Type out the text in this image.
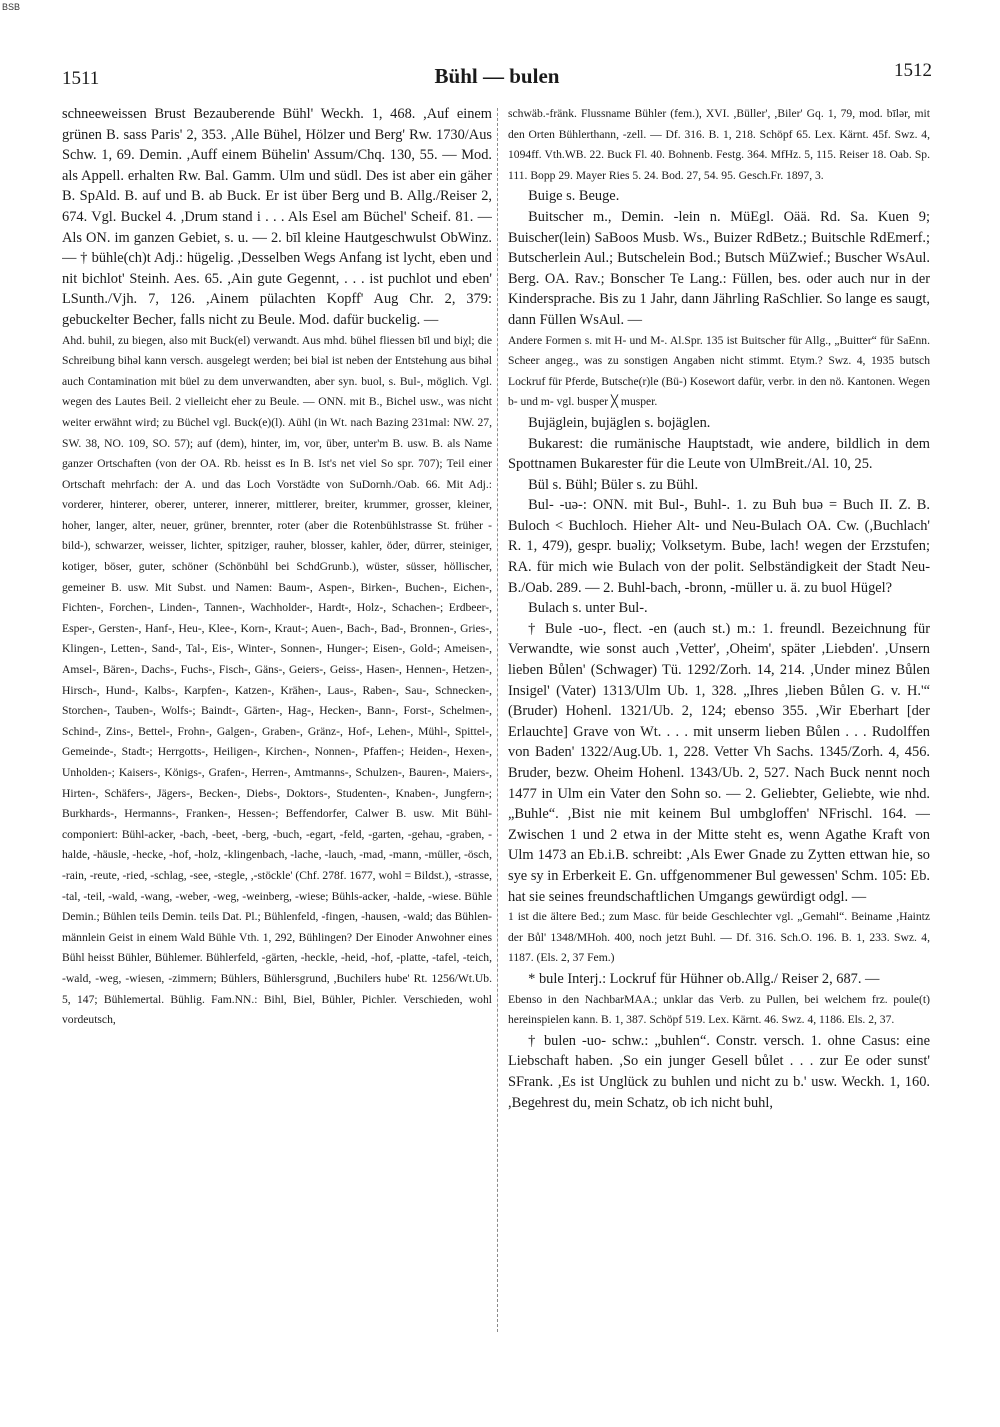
BSB
1511	Bühl — bulen	1512

schneeweissen Brust Bezauberende Bühl' Weckh. 1, 468. ,Auf einem grünen B. sass Paris' 2, 353. ,Alle Bühel, Hölzer und Berg' Rw. 1730/Aus Schw. 1, 69. Demin. ,Auff einem Bühelin' Assum/Chq. 130, 55. — Mod. als Appell. erhalten Rw. Bal. Gamm. Ulm und südl. Des ist aber ein gäher B. SpAld. B. auf und B. ab Buck. Er ist über Berg und B. Allg./Reiser 2, 674. Vgl. Buckel 4. ,Drum stand i . . . Als Esel am Büchel' Scheif. 81. — Als ON. im ganzen Gebiet, s. u. — 2. bīl kleine Hautgeschwulst ObWinz. — † bühle(ch)t Adj.: hügelig. ,Desselben Wegs Anfang ist lycht, eben und nit bichlot' Steinh. Aes. 65. ,Ain gute Gegennt, . . . ist puchlot und eben' LSunth./Vjh. 7, 126. ,Ainem pülachten Kopff' Aug Chr. 2, 379: gebuckelter Becher, falls nicht zu Beule. Mod. dafür buckelig. —

Ahd. buhil, zu biegen, also mit Buck(el) verwandt. Aus mhd. bühel fliessen bīl und biχl; die Schreibung bihəl kann versch. ausgelegt werden; bei biəl ist neben der Entstehung aus bihəl auch Contamination mit büel zu dem unverwandten, aber syn. buol, s. Bul-, möglich. Vgl. wegen des Lautes Beil. 2 vielleicht eher zu Beule. — ONN. mit B., Bichel usw., was nicht weiter erwähnt wird; zu Büchel vgl. Buck(e)(l). Aühl (in Wt. nach Bazing 231mal: NW. 27, SW. 38, NO. 109, SO. 57); auf (dem), hinter, im, vor, über, unter'm B. usw. B. als Name ganzer Ortschaften (von der OA. Rb. heisst es In B. Ist's net viel So spr. 707); Teil einer Ortschaft mehrfach: der A. und das Loch Vorstädte von SuDornh./Oab. 66. Mit Adj.: vorderer, hinterer, oberer, unterer, innerer, mittlerer, breiter, krummer, grosser, kleiner, hoher, langer, alter, neuer, grüner, brennter, roter (aber die Rotenbühlstrasse St. früher -bild-), schwarzer, weisser, lichter, spitziger, rauher, blosser, kahler, öder, dürrer, steiniger, kotiger, böser, guter, schöner (Schönbühl bei SchdGrunb.), wüster, süsser, höllischer, gemeiner B. usw. Mit Subst. und Namen: Baum-, Aspen-, Birken-, Buchen-, Eichen-, Fichten-, Forchen-, Linden-, Tannen-, Wachholder-, Hardt-, Holz-, Schachen-; Erdbeer-, Esper-, Gersten-, Hanf-, Heu-, Klee-, Korn-, Kraut-; Auen-, Bach-, Bad-, Bronnen-, Gries-, Klingen-, Letten-, Sand-, Tal-, Eis-, Winter-, Sonnen-, Hunger-; Eisen-, Gold-; Ameisen-, Amsel-, Bären-, Dachs-, Fuchs-, Fisch-, Gäns-, Geiers-, Geiss-, Hasen-, Hennen-, Hetzen-, Hirsch-, Hund-, Kalbs-, Karpfen-, Katzen-, Krähen-, Laus-, Raben-, Sau-, Schnecken-, Storchen-, Tauben-, Wolfs-; Baindt-, Gärten-, Hag-, Hecken-, Bann-, Forst-, Schelmen-, Schind-, Zins-, Bettel-, Frohn-, Galgen-, Graben-, Gränz-, Hof-, Lehen-, Mühl-, Spittel-, Gemeinde-, Stadt-; Herrgotts-, Heiligen-, Kirchen-, Nonnen-, Pfaffen-; Heiden-, Hexen-, Unholden-; Kaisers-, Königs-, Grafen-, Herren-, Amtmanns-, Schulzen-, Bauren-, Maiers-, Hirten-, Schäfers-, Jägers-, Becken-, Diebs-, Doktors-, Studenten-, Knaben-, Jungfern-; Burkhards-, Hermanns-, Franken-, Hessen-; Beffendorfer, Calwer B. usw. Mit Bühl- componiert: Bühl-acker, -bach, -beet, -berg, -buch, -egart, -feld, -garten, -gehau, -graben, -halde, -häusle, -hecke, -hof, -holz, -klingenbach, -lache, -lauch, -mad, -mann, -müller, -ösch, -rain, -reute, -ried, -schlag, -see, -stegle, ,-stöckle' (Chf. 278f. 1677, wohl = Bildst.), -strasse, -tal, -teil, -wald, -wang, -weber, -weg, -weinberg, -wiese; Bühls-acker, -halde, -wiese. Bühle Demin.; Bühlen teils Demin. teils Dat. Pl.; Bühlenfeld, -fingen, -hausen, -wald; das Bühlen-männlein Geist in einem Wald Bühle Vth. 1, 292, Bühlingen? Der Einoder Anwohner eines Bühl heisst Bühler, Bühlemer. Bühlerfeld, -gärten, -heckle, -heid, -hof, -platte, -tafel, -teich, -wald, -weg, -wiesen, -zimmern; Bühlers, Bühlersgrund, ,Buchilers hube' Rt. 1256/Wt.Ub. 5, 147; Bühlemertal. Bühlig. Fam.NN.: Bihl, Biel, Bühler, Pichler. Verschieden, wohl vordeutsch,

schwäb.-fränk. Flussname Bühler (fem.), XVI. ,Büller', ,Biler' Gq. 1, 79, mod. bīlər, mit den Orten Bühlerthann, -zell. — Df. 316. B. 1, 218. Schöpf 65. Lex. Kärnt. 45f. Swz. 4, 1094ff. Vth.WB. 22. Buck Fl. 40. Bohnenb. Festg. 364. MfHz. 5, 115. Reiser 18. Oab. Sp. 111. Bopp 29. Mayer Ries 5. 24. Bod. 27, 54. 95. Gesch.Fr. 1897, 3.

Buige s. Beuge.

Buitscher m., Demin. -lein n. MüEgl. Oää. Rd. Sa. Kuen 9; Buischer(lein) SaBoos Musb. Ws., Buizer RdBetz.; Buitschle RdEmerf.; Butscherlein Aul.; Butschelein Bod.; Butsch MüZwief.; Buscher WsAul. Berg. OA. Rav.; Bonscher Te Lang.: Füllen, bes. oder auch nur in der Kindersprache. Bis zu 1 Jahr, dann Jährling RaSchlier. So lange es saugt, dann Füllen WsAul. —

Andere Formen s. mit H- und M-. Al.Spr. 135 ist Buitscher für Allg., „Buitter“ für SaEnn. Scheer angeg., was zu sonstigen Angaben nicht stimmt. Etym.? Swz. 4, 1935 butsch Lockruf für Pferde, Butsche(r)le (Bü-) Kosewort dafür, verbr. in den nö. Kantonen. Wegen b- und m- vgl. busper ╳ musper.

Bujäglein, bujäglen s. bojäglen.

Bukarest: die rumänische Hauptstadt, wie andere, bildlich in dem Spottnamen Bukarester für die Leute von UlmBreit./Al. 10, 25.

Bül s. Bühl; Büler s. zu Bühl.

Bul- -uə-: ONN. mit Bul-, Buhl-. 1. zu Buh buə = Buch II. Z. B. Buloch < Buchloch. Hieher Alt- und Neu-Bulach OA. Cw. (,Buchlach' R. 1, 479), gespr. buəliχ; Volksetym. Bube, lach! wegen der Erzstufen; RA. für mich wie Bulach von der polit. Selbständigkeit der Stadt Neu-B./Oab. 289. — 2. Buhl-bach, -bronn, -müller u. ä. zu buol Hügel?

Bulach s. unter Bul-.

† Bule -uo-, flect. -en (auch st.) m.: 1. freundl. Bezeichnung für Verwandte, wie sonst auch ,Vetter', ,Oheim', später ,Liebden'. ,Unsern lieben Bůlen' (Schwager) Tü. 1292/Zorh. 14, 214. ,Under minez Bůlen Insigel' (Vater) 1313/Ulm Ub. 1, 328. „Ihres ,lieben Bůlen G. v. H.'“ (Bruder) Hohenl. 1321/Ub. 2, 124; ebenso 355. ,Wir Eberhart [der Erlauchte] Grave von Wt. . . . mit unserm lieben Bůlen . . . Rudolffen von Baden' 1322/Aug.Ub. 1, 228. Vetter Vh Sachs. 1345/Zorh. 4, 456. Bruder, bezw. Oheim Hohenl. 1343/Ub. 2, 527. Nach Buck nennt noch 1477 in Ulm ein Vater den Sohn so. — 2. Geliebter, Geliebte, wie nhd. „Buhle“. ,Bist nie mit keinem Bul umbgloffen' NFrischl. 164. — Zwischen 1 und 2 etwa in der Mitte steht es, wenn Agathe Kraft von Ulm 1473 an Eb.i.B. schreibt: ,Als Ewer Gnade zu Zytten ettwan hie, so sye sy in Erberkeit E. Gn. uffgenommener Bul gewessen' Schm. 105: Eb. hat sie seines freundschaftlichen Umgangs gewürdigt odgl. —

1 ist die ältere Bed.; zum Masc. für beide Geschlechter vgl. „Gemahl“. Beiname ,Haintz der Bůl' 1348/MHoh. 400, noch jetzt Buhl. — Df. 316. Sch.O. 196. B. 1, 233. Swz. 4, 1187. (Els. 2, 37 Fem.)

* bule Interj.: Lockruf für Hühner ob.Allg./ Reiser 2, 687. —

Ebenso in den NachbarMAA.; unklar das Verb. zu Pullen, bei welchem frz. poule(t) hereinspielen kann. B. 1, 387. Schöpf 519. Lex. Kärnt. 46. Swz. 4, 1186. Els. 2, 37.

† bulen -uo- schw.: „buhlen“. Constr. versch. 1. ohne Casus: eine Liebschaft haben. ,So ein junger Gesell bůlet . . . zur Ee oder sunst' SFrank. ,Es ist Unglück zu buhlen und nicht zu b.' usw. Weckh. 1, 160. ,Begehrest du, mein Schatz, ob ich nicht buhl,
